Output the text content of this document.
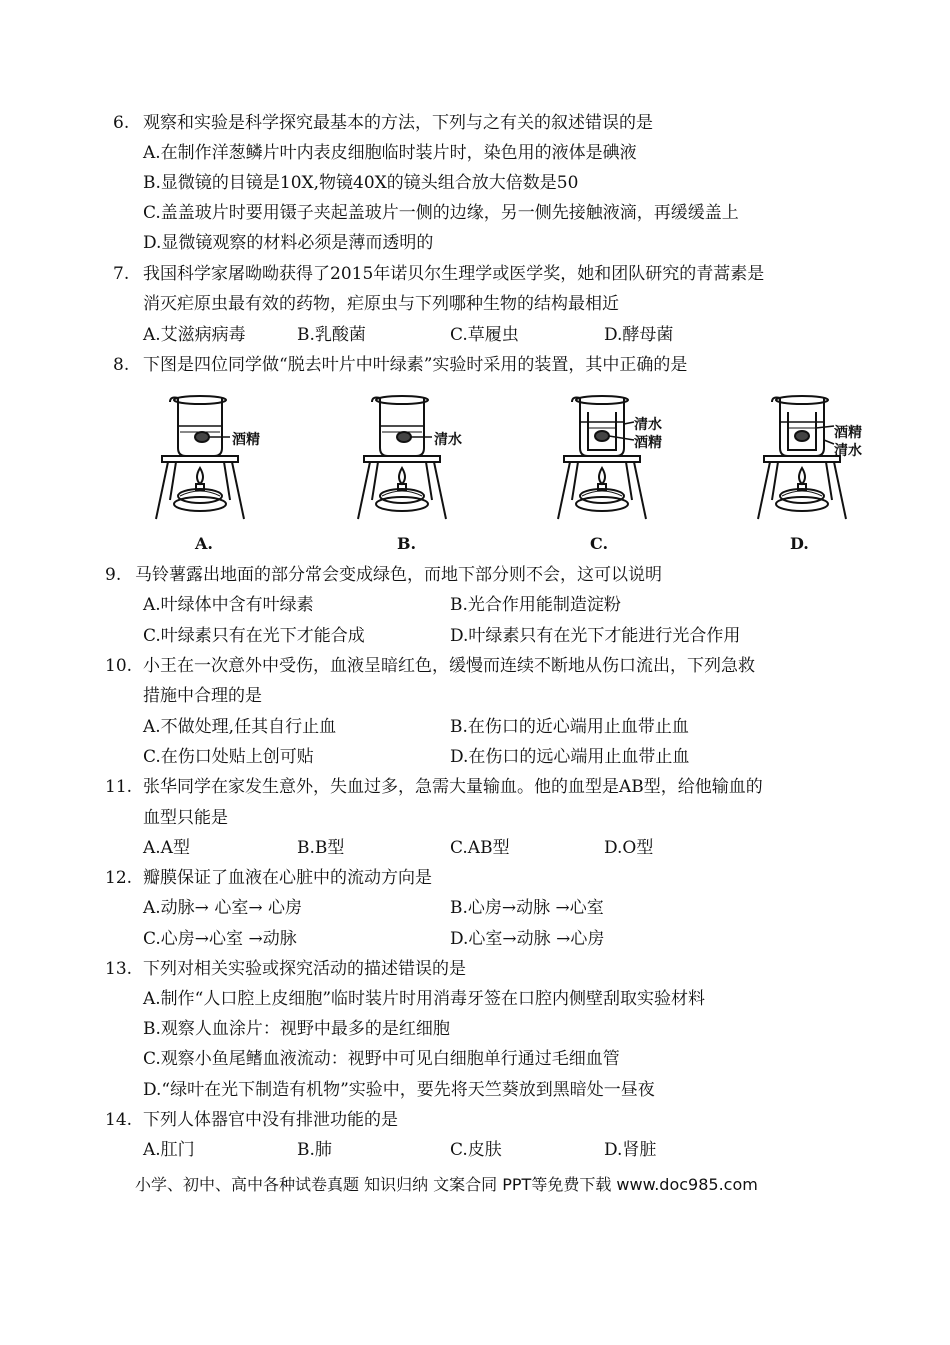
6. 观察和实验是科学探究最基本的方法，下列与之有关的叙述错误的是
A.在制作洋葱鳞片叶内表皮细胞临时装片时，染色用的液体是碘液
B.显微镜的目镜是10X,物镜40X的镜头组合放大倍数是50
C.盖盖玻片时要用镊子夹起盖玻片一侧的边缘，另一侧先接触液滴，再缓缓盖上
D.显微镜观察的材料必须是薄而透明的
7. 我国科学家屠呦呦获得了2015年诺贝尔生理学或医学奖，她和团队研究的青蒿素是
消灭疟原虫最有效的药物，疟原虫与下列哪种生物的结构最相近
A.艾滋病病毒	B.乳酸菌	C.草履虫	D.酵母菌
8. 下图是四位同学做“脱去叶片中叶绿素”实验时采用的装置，其中正确的是
酒精
A.
清水
B.
清水
酒精
C.
酒精
清水
D.
9. 马铃薯露出地面的部分常会变成绿色，而地下部分则不会，这可以说明
A.叶绿体中含有叶绿素	B.光合作用能制造淀粉
C.叶绿素只有在光下才能合成	D.叶绿素只有在光下才能进行光合作用
10. 小王在一次意外中受伤，血液呈暗红色，缓慢而连续不断地从伤口流出，下列急救
措施中合理的是
A.不做处理,任其自行止血	B.在伤口的近心端用止血带止血
C.在伤口处贴上创可贴	D.在伤口的远心端用止血带止血
11. 张华同学在家发生意外，失血过多，急需大量输血。他的血型是AB型，给他输血的
血型只能是
A.A型	B.B型	C.AB型	D.O型
12. 瓣膜保证了血液在心脏中的流动方向是
A.动脉→ 心室→ 心房	B.心房→动脉 →心室
C.心房→心室 →动脉	D.心室→动脉 →心房
13. 下列对相关实验或探究活动的描述错误的是
A.制作“人口腔上皮细胞”临时装片时用消毒牙签在口腔内侧壁刮取实验材料
B.观察人血涂片：视野中最多的是红细胞
C.观察小鱼尾鳍血液流动：视野中可见白细胞单行通过毛细血管
D.“绿叶在光下制造有机物”实验中，要先将天竺葵放到黑暗处一昼夜
14. 下列人体器官中没有排泄功能的是
A.肛门	B.肺	C.皮肤	D.肾脏
小学、初中、高中各种试卷真题 知识归纳 文案合同 PPT等免费下载 www.doc985.com
